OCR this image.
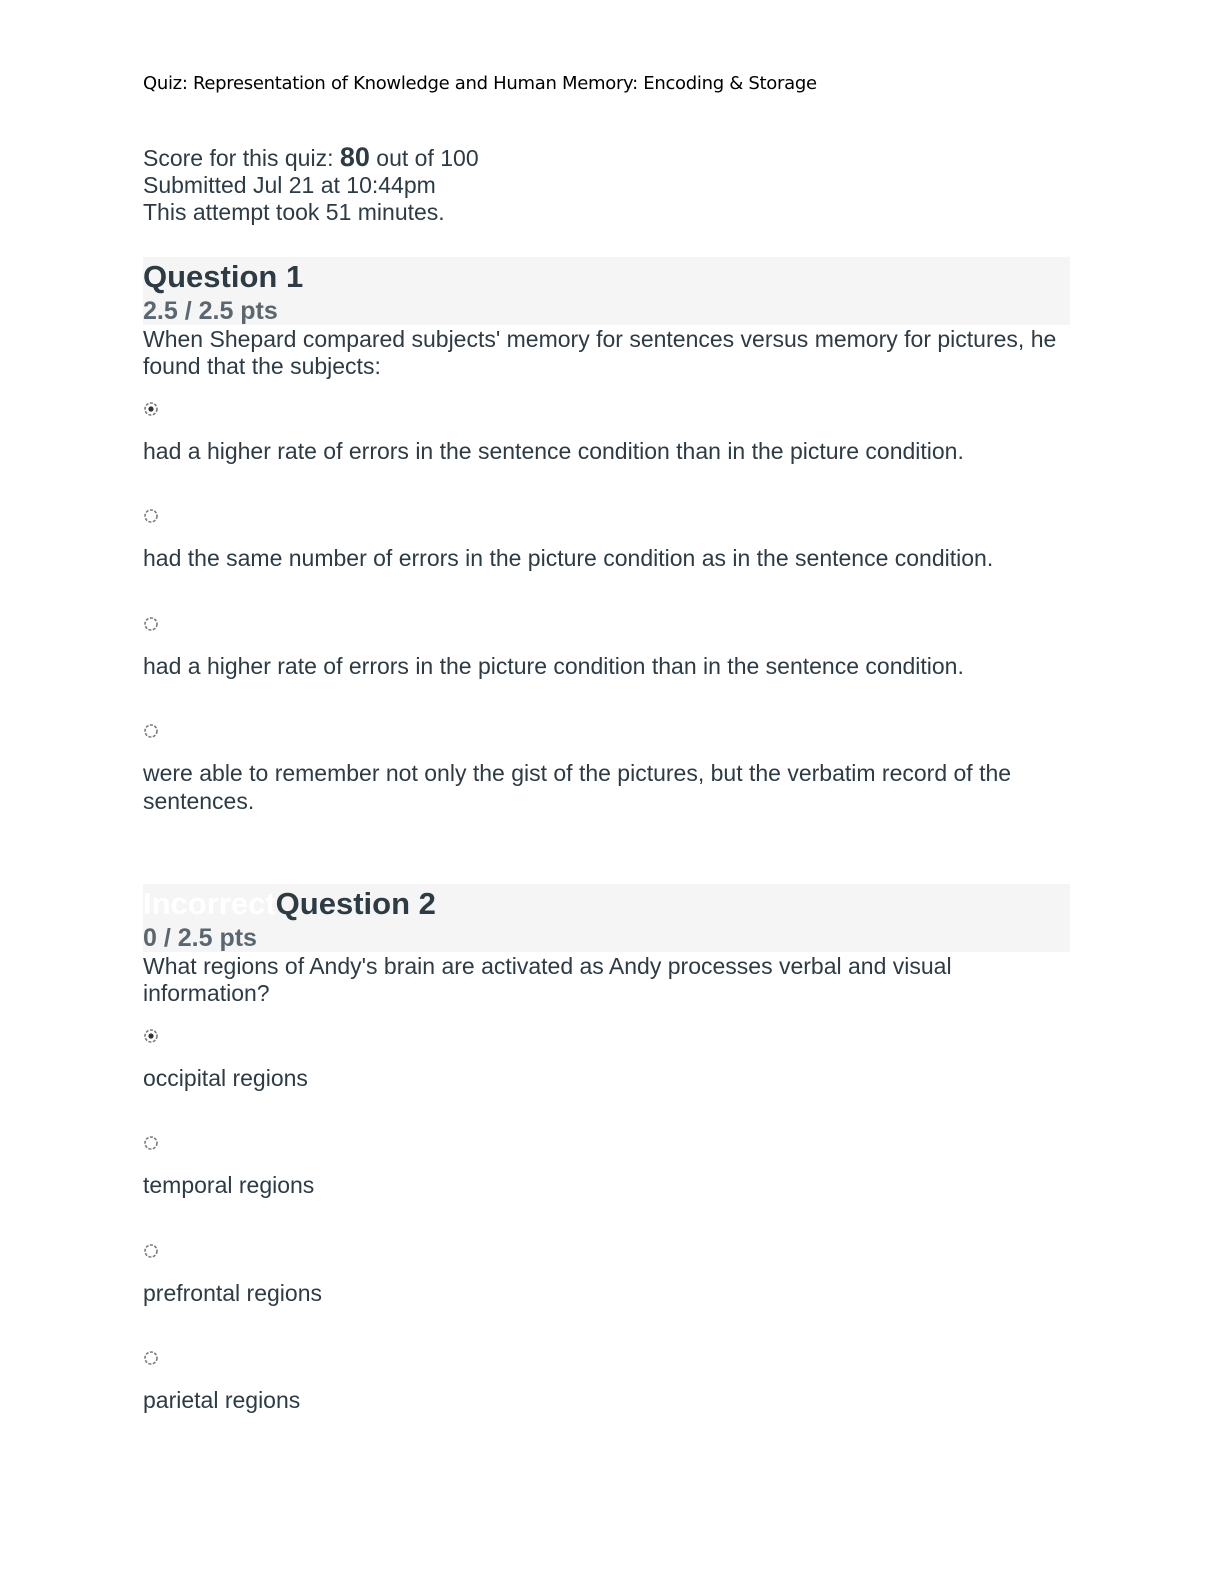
Quiz: Representation of Knowledge and Human Memory: Encoding & Storage
Score for this quiz: 80 out of 100
Submitted Jul 21 at 10:44pm
This attempt took 51 minutes.
Question 1
2.5 / 2.5 pts
When Shepard compared subjects' memory for sentences versus memory for pictures, he found that the subjects:
had a higher rate of errors in the sentence condition than in the picture condition.
had the same number of errors in the picture condition as in the sentence condition.
had a higher rate of errors in the picture condition than in the sentence condition.
were able to remember not only the gist of the pictures, but the verbatim record of the sentences.
IncorrectQuestion 2
0 / 2.5 pts
What regions of Andy's brain are activated as Andy processes verbal and visual information?
occipital regions
temporal regions
prefrontal regions
parietal regions
